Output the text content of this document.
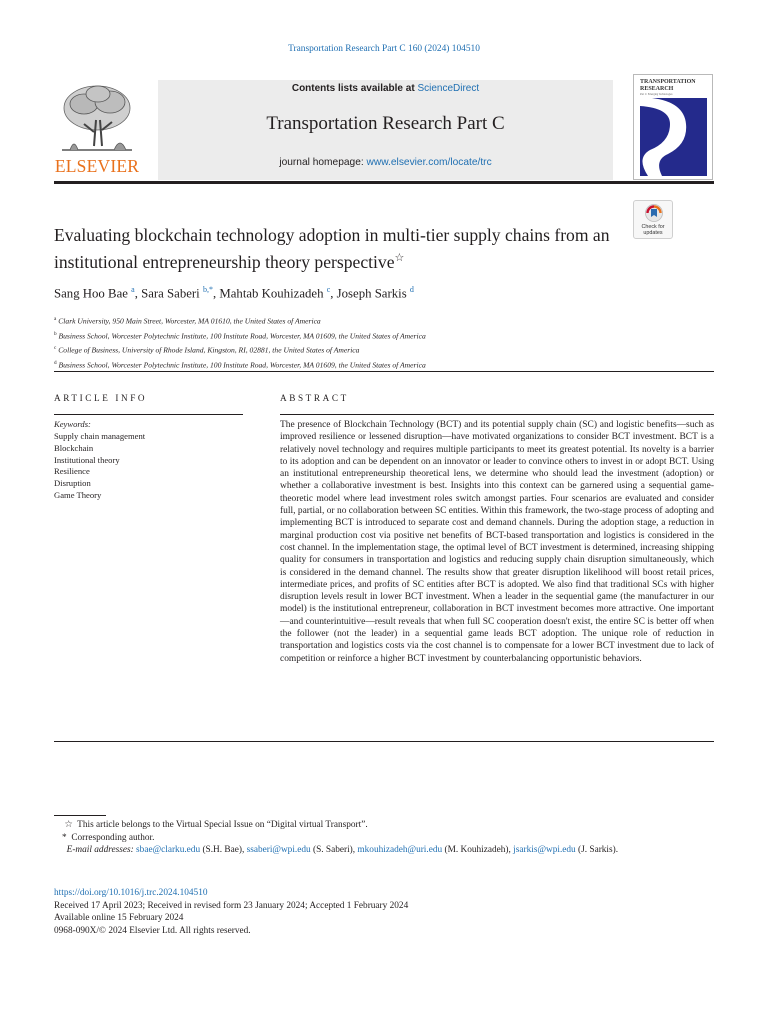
Transportation Research Part C 160 (2024) 104510
ELSEVIER
Contents lists available at ScienceDirect
Transportation Research Part C
journal homepage: www.elsevier.com/locate/trc
TRANSPORTATION RESEARCH
Part C: Emerging Technologies
Check for
updates
Evaluating blockchain technology adoption in multi-tier supply chains from an institutional entrepreneurship theory perspective☆
Sang Hoo Bae $^a$, Sara Saberi $^{b,*}$, Mahtab Kouhizadeh $^c$, Joseph Sarkis $^d$
$^a$ Clark University, 950 Main Street, Worcester, MA 01610, the United States of America
$^b$ Business School, Worcester Polytechnic Institute, 100 Institute Road, Worcester, MA 01609, the United States of America
$^c$ College of Business, University of Rhode Island, Kingston, RI, 02881, the United States of America
$^d$ Business School, Worcester Polytechnic Institute, 100 Institute Road, Worcester, MA 01609, the United States of America
ARTICLE INFO	ABSTRACT
Keywords:
Supply chain management
Blockchain
Institutional theory
Resilience
Disruption
Game Theory
The presence of Blockchain Technology (BCT) and its potential supply chain (SC) and logistic benefits—such as improved resilience or lessened disruption—have motivated organizations to consider BCT investment. BCT is a relatively novel technology and requires multiple participants to meet its greatest potential. Its novelty is a barrier to its adoption and can be dependent on an innovator or leader to convince others to invest in or adopt BCT. Using an institutional entrepreneurship theoretical lens, we determine who should lead the investment (adoption) or whether a collaborative investment is best. Insights into this context can be garnered using a sequential game-theoretic model where lead investment roles switch amongst parties. Four scenarios are evaluated and consider full, partial, or no collaboration between SC entities. Within this framework, the two-stage process of adopting and implementing BCT is introduced to separate cost and demand channels. During the adoption stage, a reduction in marginal production cost via positive net benefits of BCT-based transportation and logistics is considered in the cost channel. In the implementation stage, the optimal level of BCT investment is determined, increasing shipping quality for consumers in transportation and logistics and reducing supply chain disruption simultaneously, which is considered in the demand channel. The results show that greater disruption likelihood will boost retail prices, intermediate prices, and profits of SC entities after BCT is adopted. We also find that traditional SCs with higher disruption levels result in lower BCT investment. When a leader in the sequential game (the manufacturer in our model) is the institutional entrepreneur, collaboration in BCT investment becomes more attractive. One important—and counterintuitive—result reveals that when full SC cooperation doesn't exist, the entire SC is better off when the follower (not the leader) in a sequential game leads BCT adoption. The unique role of reduction in transportation and logistics costs via the cost channel is to compensate for a lower BCT investment due to lack of competition or reinforce a higher BCT investment by counterbalancing opportunistic behaviors.
☆ This article belongs to the Virtual Special Issue on “Digital virtual Transport”.
* Corresponding author.
E-mail addresses: sbae@clarku.edu (S.H. Bae), ssaberi@wpi.edu (S. Saberi), mkouhizadeh@uri.edu (M. Kouhizadeh), jsarkis@wpi.edu (J. Sarkis).
https://doi.org/10.1016/j.trc.2024.104510
Received 17 April 2023; Received in revised form 23 January 2024; Accepted 1 February 2024
Available online 15 February 2024
0968-090X/© 2024 Elsevier Ltd. All rights reserved.
